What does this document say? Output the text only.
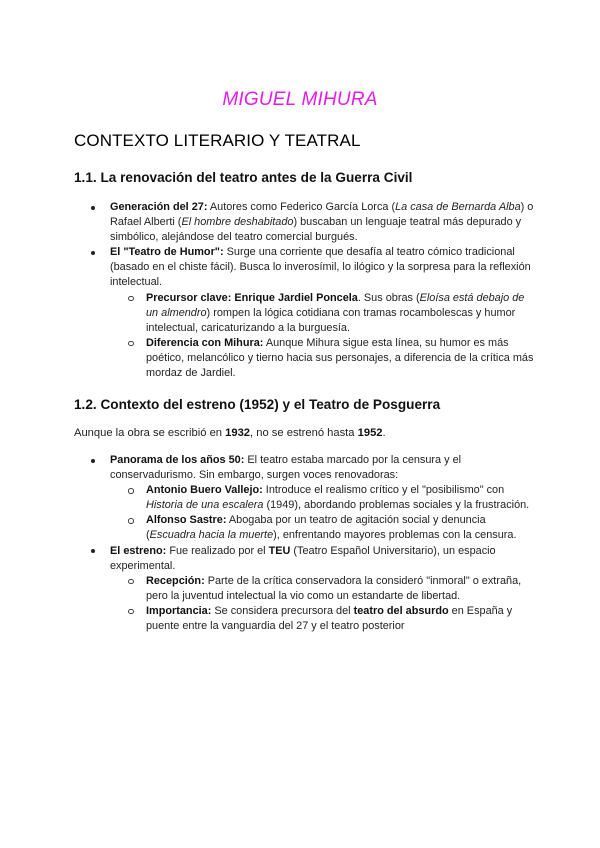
MIGUEL MIHURA
CONTEXTO LITERARIO Y TEATRAL
1.1. La renovación del teatro antes de la Guerra Civil
Generación del 27: Autores como Federico García Lorca (La casa de Bernarda Alba) o Rafael Alberti (El hombre deshabitado) buscaban un lenguaje teatral más depurado y simbólico, alejándose del teatro comercial burgués.
El "Teatro de Humor": Surge una corriente que desafía al teatro cómico tradicional (basado en el chiste fácil). Busca lo inverosímil, lo ilógico y la sorpresa para la reflexión intelectual.
Precursor clave: Enrique Jardiel Poncela. Sus obras (Eloísa está debajo de un almendro) rompen la lógica cotidiana con tramas rocambolescas y humor intelectual, caricaturizando a la burguesía.
Diferencia con Mihura: Aunque Mihura sigue esta línea, su humor es más poético, melancólico y tierno hacia sus personajes, a diferencia de la crítica más mordaz de Jardiel.
1.2. Contexto del estreno (1952) y el Teatro de Posguerra
Aunque la obra se escribió en 1932, no se estrenó hasta 1952.
Panorama de los años 50: El teatro estaba marcado por la censura y el conservadurismo. Sin embargo, surgen voces renovadoras:
Antonio Buero Vallejo: Introduce el realismo crítico y el "posibilismo" con Historia de una escalera (1949), abordando problemas sociales y la frustración.
Alfonso Sastre: Abogaba por un teatro de agitación social y denuncia (Escuadra hacia la muerte), enfrentando mayores problemas con la censura.
El estreno: Fue realizado por el TEU (Teatro Español Universitario), un espacio experimental.
Recepción: Parte de la crítica conservadora la consideró "inmoral" o extraña, pero la juventud intelectual la vio como un estandarte de libertad.
Importancia: Se considera precursora del teatro del absurdo en España y puente entre la vanguardia del 27 y el teatro posterior
